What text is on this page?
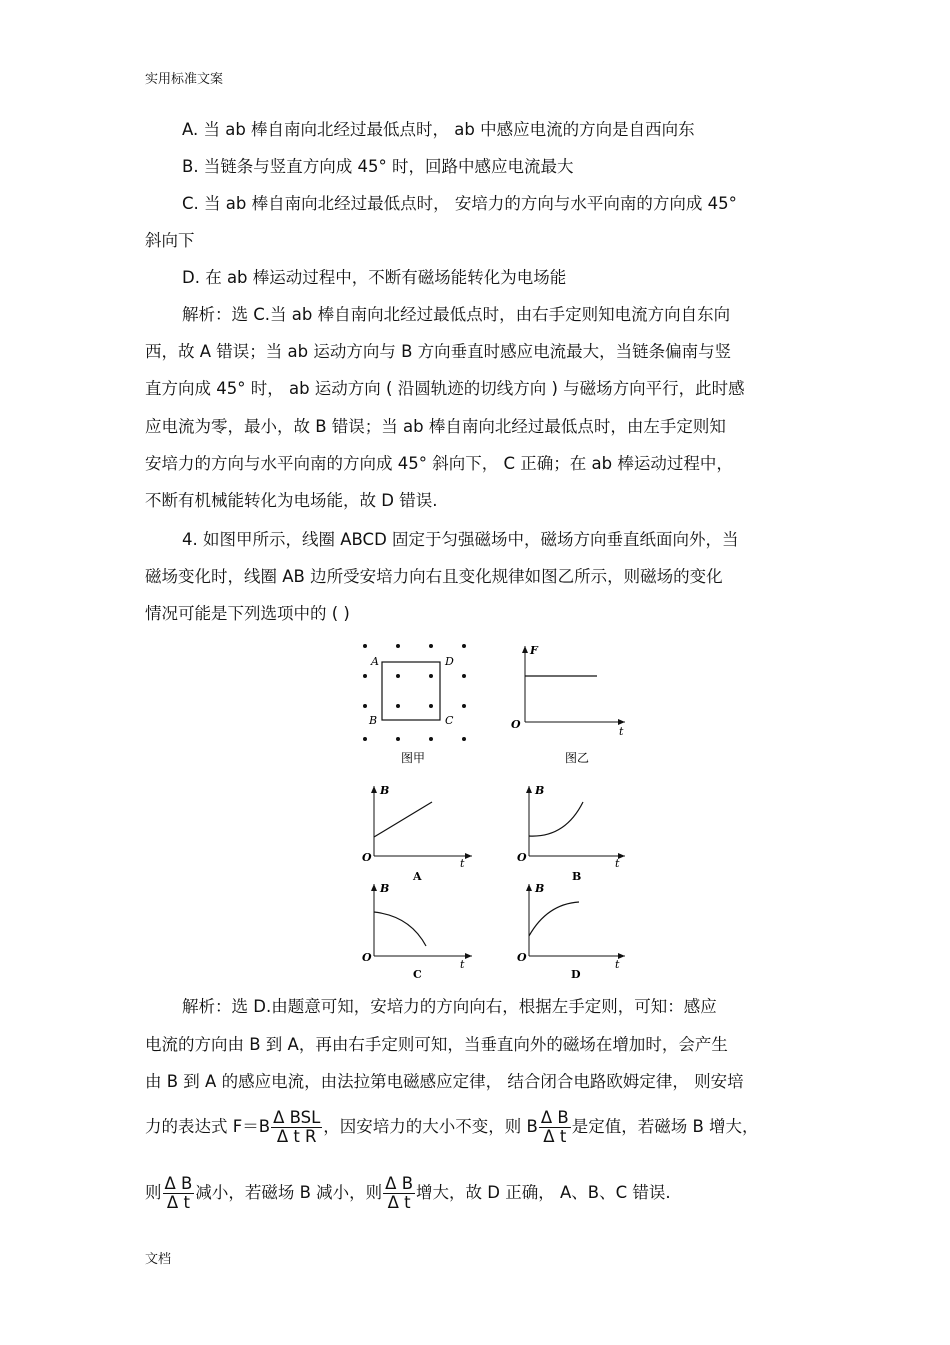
实用标准文案
A. 当 ab 棒自南向北经过最低点时， ab 中感应电流的方向是自西向东
B. 当链条与竖直方向成 45° 时，回路中感应电流最大
C. 当 ab 棒自南向北经过最低点时， 安培力的方向与水平向南的方向成 45°
斜向下
D. 在 ab 棒运动过程中，不断有磁场能转化为电场能
解析：选 C.当 ab 棒自南向北经过最低点时，由右手定则知电流方向自东向
西，故 A 错误；当 ab 运动方向与 B 方向垂直时感应电流最大，当链条偏南与竖
直方向成 45° 时， ab 运动方向 ( 沿圆轨迹的切线方向 ) 与磁场方向平行，此时感
应电流为零，最小，故 B 错误；当 ab 棒自南向北经过最低点时，由左手定则知
安培力的方向与水平向南的方向成 45° 斜向下， C 正确；在 ab 棒运动过程中，
不断有机械能转化为电场能，故 D 错误.
4. 如图甲所示，线圈 ABCD 固定于匀强磁场中，磁场方向垂直纸面向外，当
磁场变化时，线圈 AB 边所受安培力向右且变化规律如图乙所示，则磁场的变化
情况可能是下列选项中的 ( )
A	D
B	C
图甲
F
t
O
图乙
B
t
O
A
B
t
O
B
B
t
O
C
B
t
O
D
解析：选 D.由题意可知，安培力的方向向右，根据左手定则，可知：感应
电流的方向由 B 到 A，再由右手定则可知，当垂直向外的磁场在增加时，会产生
由 B 到 A 的感应电流，由法拉第电磁感应定律， 结合闭合电路欧姆定律， 则安培
力的表达式 $F=B \frac{\text{Δ BSL}}{\text{Δ t R}}$ ，因安培力的大小不变，则 B $\frac{\text{Δ B}}{\text{Δ t}}$ 是定值，若磁场 B 增大，
则 $\frac{\text{Δ B}}{\text{Δ t}}$ 减小，若磁场 B 减小，则 $\frac{\text{Δ B}}{\text{Δ t}}$ 增大，故 D 正确， A、B、C 错误.
文档
